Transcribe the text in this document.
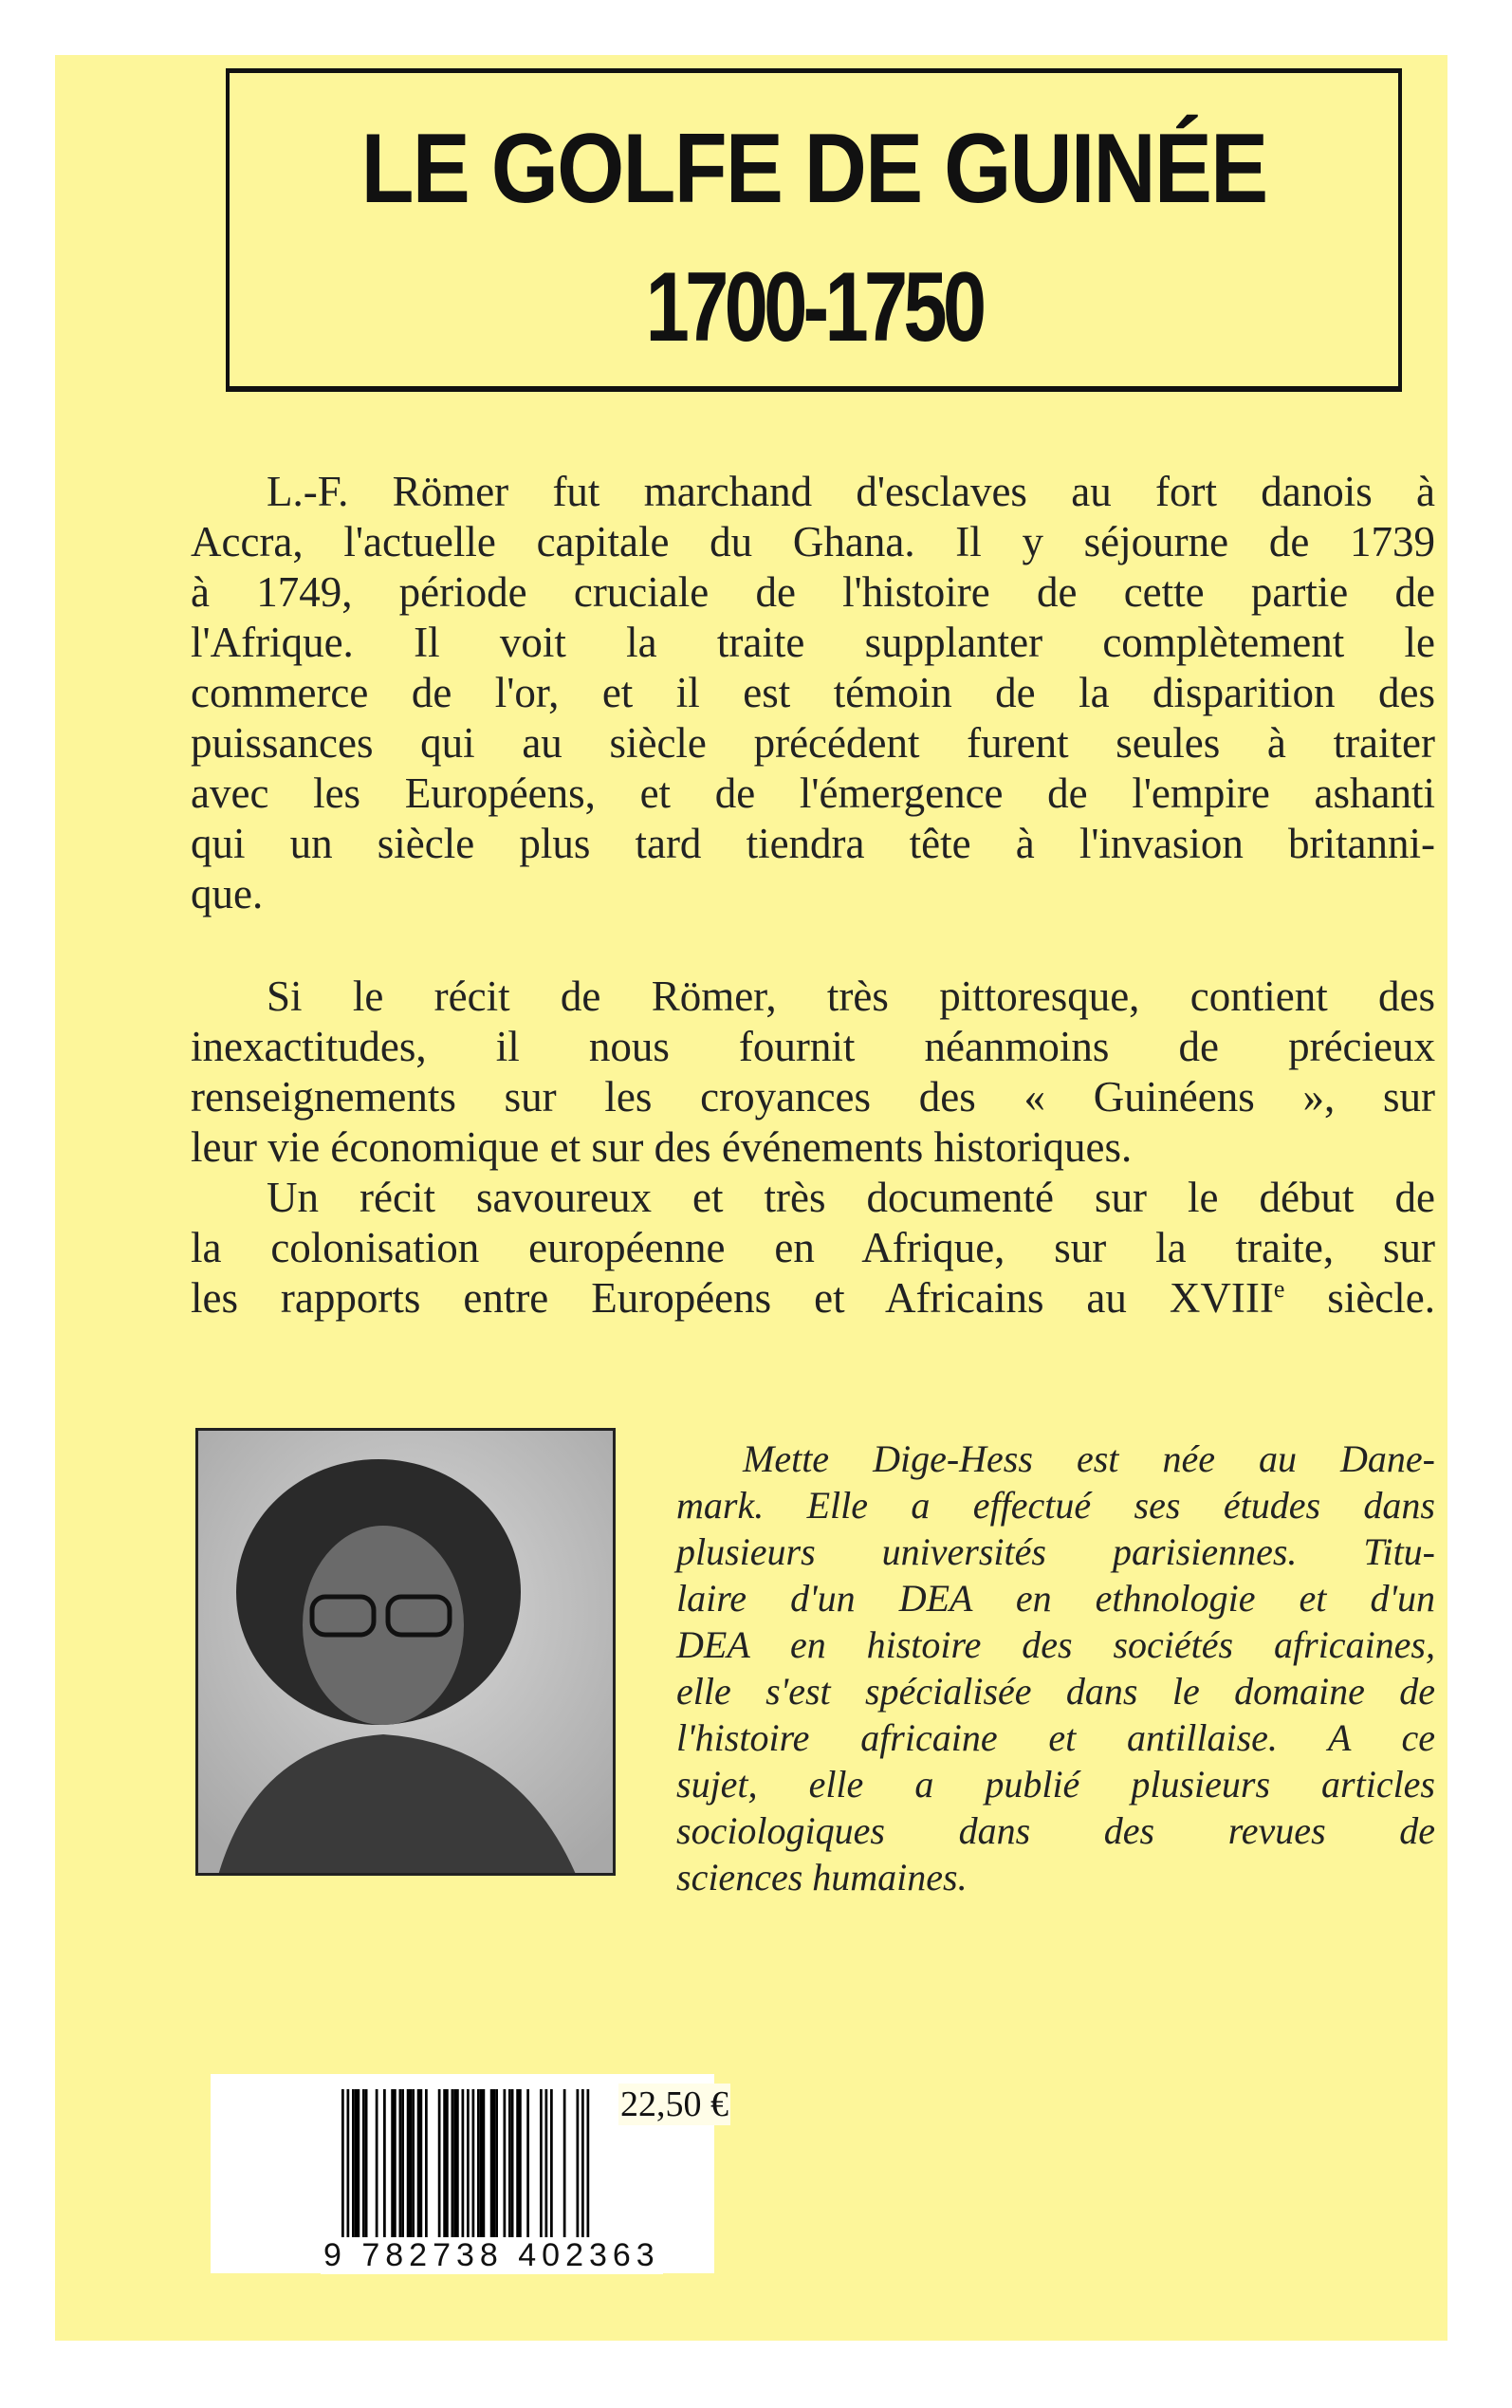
LE GOLFE DE GUINÉE
1700-1750
L.-F. Römer fut marchand d'esclaves au fort danois à
Accra, l'actuelle capitale du Ghana. Il y séjourne de 1739
à 1749, période cruciale de l'histoire de cette partie de
l'Afrique. Il voit la traite supplanter complètement le
commerce de l'or, et il est témoin de la disparition des
puissances qui au siècle précédent furent seules à traiter
avec les Européens, et de l'émergence de l'empire ashanti
qui un siècle plus tard tiendra tête à l'invasion britanni-
que.
Si le récit de Römer, très pittoresque, contient des
inexactitudes, il nous fournit néanmoins de précieux
renseignements sur les croyances des « Guinéens », sur
leur vie économique et sur des événements historiques.
Un récit savoureux et très documenté sur le début de
la colonisation européenne en Afrique, sur la traite, sur
les rapports entre Européens et Africains au XVIIIe siècle.
Mette Dige-Hess est née au Dane-
mark. Elle a effectué ses études dans
plusieurs universités parisiennes. Titu-
laire d'un DEA en ethnologie et d'un
DEA en histoire des sociétés africaines,
elle s'est spécialisée dans le domaine de
l'histoire africaine et antillaise. A ce
sujet, elle a publié plusieurs articles
sociologiques dans des revues de
sciences humaines.
9 782738 402363
22,50 €
